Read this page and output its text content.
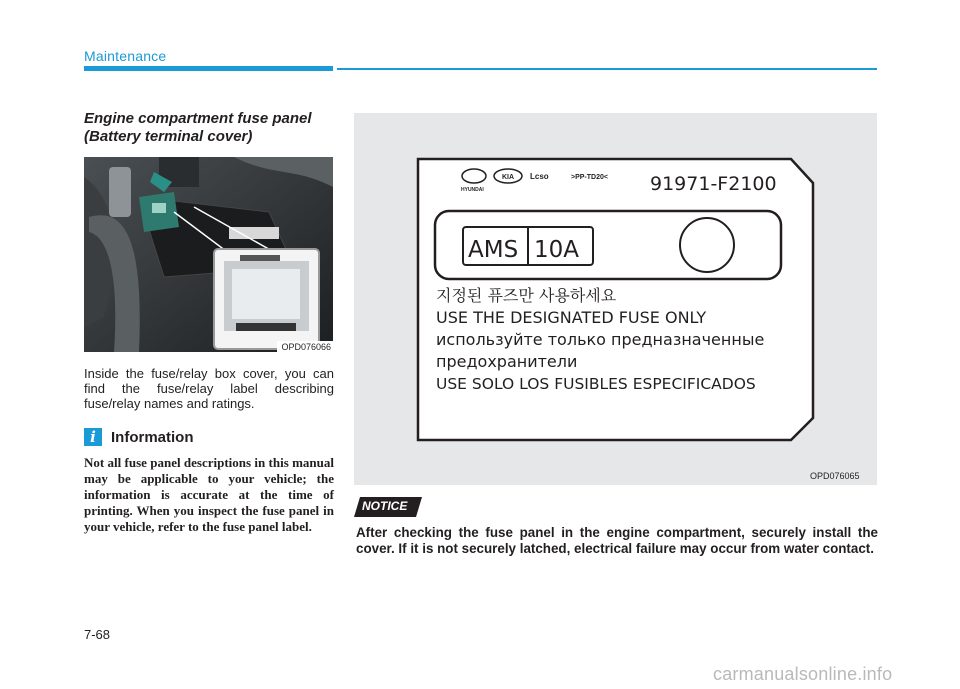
Maintenance
Engine compartment fuse panel
(Battery terminal cover)
OPD076066
Inside the fuse/relay box cover, you can find the fuse/relay label describing fuse/relay names and ratings.
i	Information
Not all fuse panel descriptions in this manual may be applicable to your vehicle; the information is accurate at the time of printing. When you inspect the fuse panel in your vehicle, refer to the fuse panel label.
HYUNDAI
KIA Lcso	>PP-TD20< 91971-F2100
AMS 10A
지정된 퓨즈만 사용하세요
USE THE DESIGNATED FUSE ONLY
используйте только предназначенные
предохранители
USE SOLO LOS FUSIBLES ESPECIFICADOS
OPD076065
NOTICE
After checking the fuse panel in the engine compartment, securely install the cover. If it is not securely latched, electrical failure may occur from water contact.
7-68
carmanualsonline.info
